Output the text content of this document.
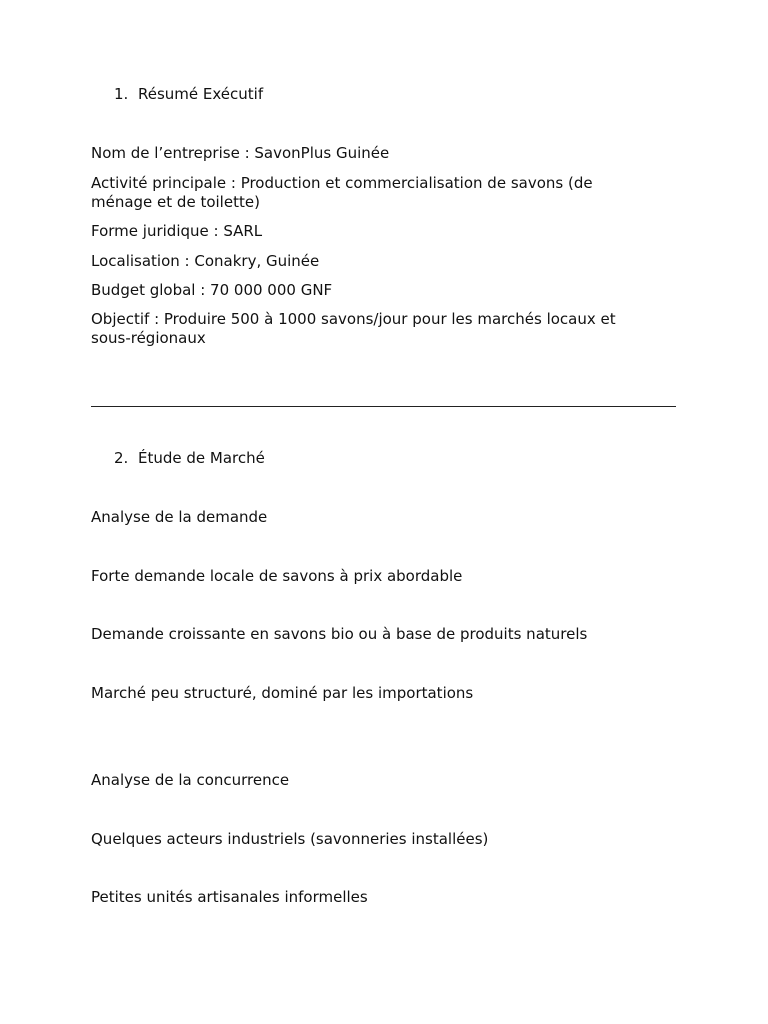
1. Résumé Exécutif
Nom de l’entreprise : SavonPlus Guinée
Activité principale : Production et commercialisation de savons (de ménage et de toilette)
Forme juridique : SARL
Localisation : Conakry, Guinée
Budget global : 70 000 000 GNF
Objectif : Produire 500 à 1000 savons/jour pour les marchés locaux et sous-régionaux
2. Étude de Marché
Analyse de la demande
Forte demande locale de savons à prix abordable
Demande croissante en savons bio ou à base de produits naturels
Marché peu structuré, dominé par les importations
Analyse de la concurrence
Quelques acteurs industriels (savonneries installées)
Petites unités artisanales informelles
